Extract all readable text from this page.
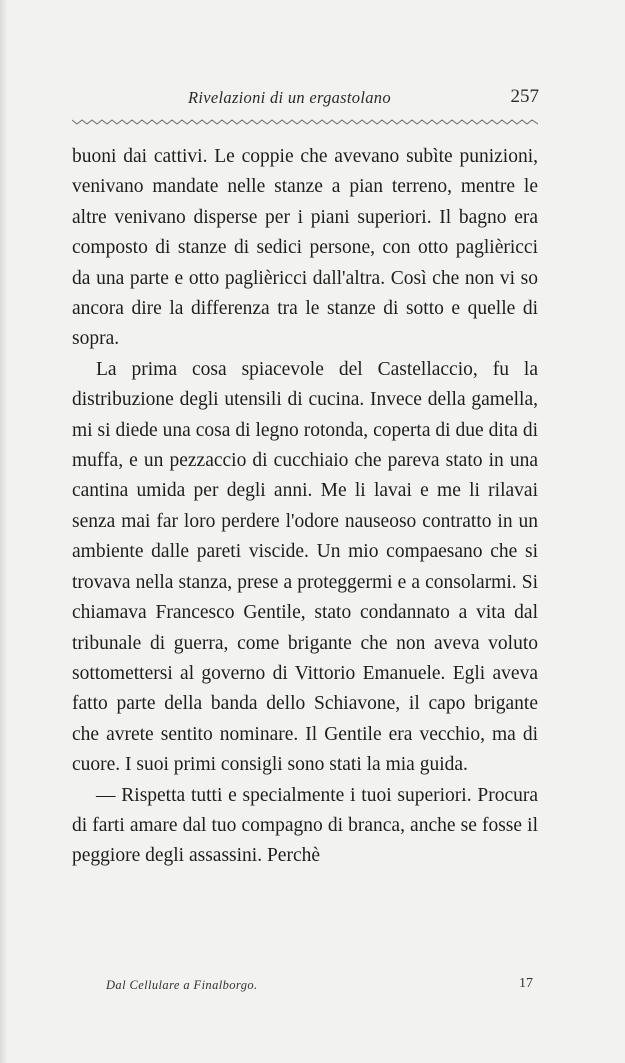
Rivelazioni di un ergastolano	257

buoni dai cattivi. Le coppie che avevano subìte punizioni, venivano mandate nelle stanze a pian terreno, mentre le altre venivano disperse per i piani superiori. Il bagno era composto di stanze di sedici persone, con otto paglièricci da una parte e otto paglièricci dall'altra. Così che non vi so ancora dire la differenza tra le stanze di sotto e quelle di sopra.

La prima cosa spiacevole del Castellaccio, fu la distribuzione degli utensili di cucina. Invece della gamella, mi si diede una cosa di legno rotonda, coperta di due dita di muffa, e un pezzaccio di cucchiaio che pareva stato in una cantina umida per degli anni. Me li lavai e me li rilavai senza mai far loro perdere l'odore nauseoso contratto in un ambiente dalle pareti viscide. Un mio compaesano che si trovava nella stanza, prese a proteggermi e a consolarmi. Si chiamava Francesco Gentile, stato condannato a vita dal tribunale di guerra, come brigante che non aveva voluto sottomettersi al governo di Vittorio Emanuele. Egli aveva fatto parte della banda dello Schiavone, il capo brigante che avrete sentito nominare. Il Gentile era vecchio, ma di cuore. I suoi primi consigli sono stati la mia guida.

— Rispetta tutti e specialmente i tuoi superiori. Procura di farti amare dal tuo compagno di branca, anche se fosse il peggiore degli assassini. Perchè

Dal Cellulare a Finalborgo.	17
